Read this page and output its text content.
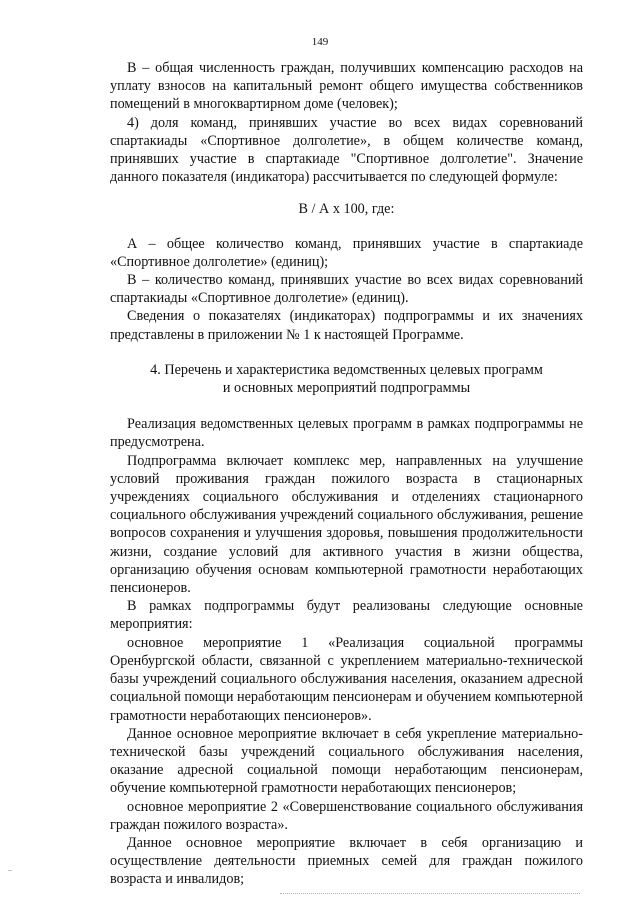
149

В – общая численность граждан, получивших компенсацию расходов на уплату взносов на капитальный ремонт общего имущества собственников помещений в многоквартирном доме (человек);

4) доля команд, принявших участие во всех видах соревнований спартакиады «Спортивное долголетие», в общем количестве команд, принявших участие в спартакиаде "Спортивное долголетие". Значение данного показателя (индикатора) рассчитывается по следующей формуле:

В / А х 100, где:

А – общее количество команд, принявших участие в спартакиаде «Спортивное долголетие» (единиц);

В – количество команд, принявших участие во всех видах соревнований спартакиады «Спортивное долголетие» (единиц).

Сведения о показателях (индикаторах) подпрограммы и их значениях представлены в приложении № 1 к настоящей Программе.

4. Перечень и характеристика ведомственных целевых программ
и основных мероприятий подпрограммы

Реализация ведомственных целевых программ в рамках подпрограммы не предусмотрена.

Подпрограмма включает комплекс мер, направленных на улучшение условий проживания граждан пожилого возраста в стационарных учреждениях социального обслуживания и отделениях стационарного социального обслуживания учреждений социального обслуживания, решение вопросов сохранения и улучшения здоровья, повышения продолжительности жизни, создание условий для активного участия в жизни общества, организацию обучения основам компьютерной грамотности неработающих пенсионеров.

В рамках подпрограммы будут реализованы следующие основные мероприятия:

основное мероприятие 1 «Реализация социальной программы Оренбургской области, связанной с укреплением материально-технической базы учреждений социального обслуживания населения, оказанием адресной социальной помощи неработающим пенсионерам и обучением компьютерной грамотности неработающих пенсионеров».

Данное основное мероприятие включает в себя укрепление материально-технической базы учреждений социального обслуживания населения, оказание адресной социальной помощи неработающим пенсионерам, обучение компьютерной грамотности неработающих пенсионеров;

основное мероприятие 2 «Совершенствование социального обслуживания граждан пожилого возраста».

Данное основное мероприятие включает в себя организацию и осуществление деятельности приемных семей для граждан пожилого возраста и инвалидов;
